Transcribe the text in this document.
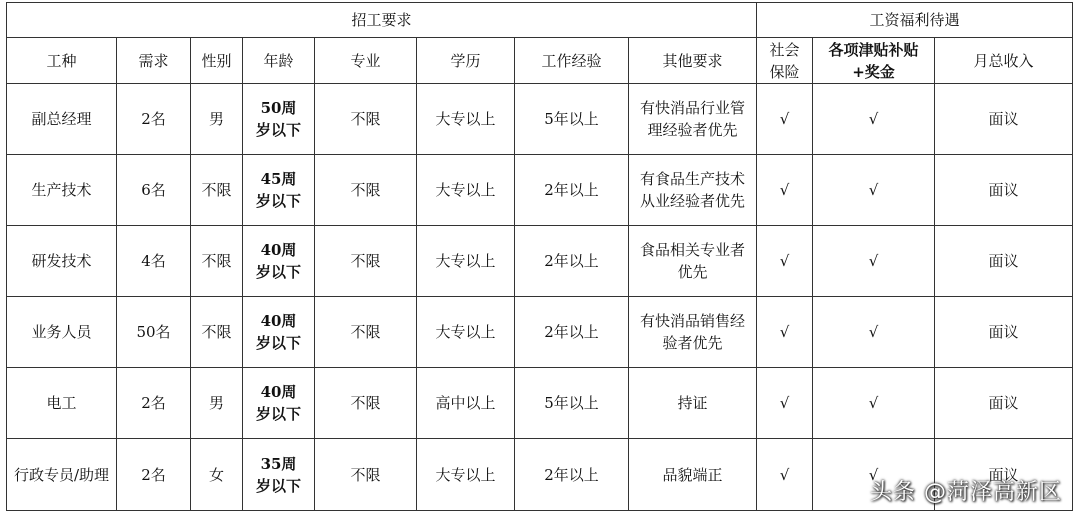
招工要求								工资福利待遇		
工种	需求	性别	年龄	专业	学历	工作经验	其他要求	社会保险	各项津贴补贴+奖金	月总收入
副总经理	2名	男	50周岁以下	不限	大专以上	5年以上	有快消品行业管理经验者优先	√	√	面议
生产技术	6名	不限	45周岁以下	不限	大专以上	2年以上	有食品生产技术从业经验者优先	√	√	面议
研发技术	4名	不限	40周岁以下	不限	大专以上	2年以上	食品相关专业者优先	√	√	面议
业务人员	50名	不限	40周岁以下	不限	大专以上	2年以上	有快消品销售经验者优先	√	√	面议
电工	2名	男	40周岁以下	不限	高中以上	5年以上	持证	√	√	面议
行政专员/助理	2名	女	35周岁以下	不限	大专以上	2年以上	品貌端正	√	√	面议
头条 @菏泽高新区
